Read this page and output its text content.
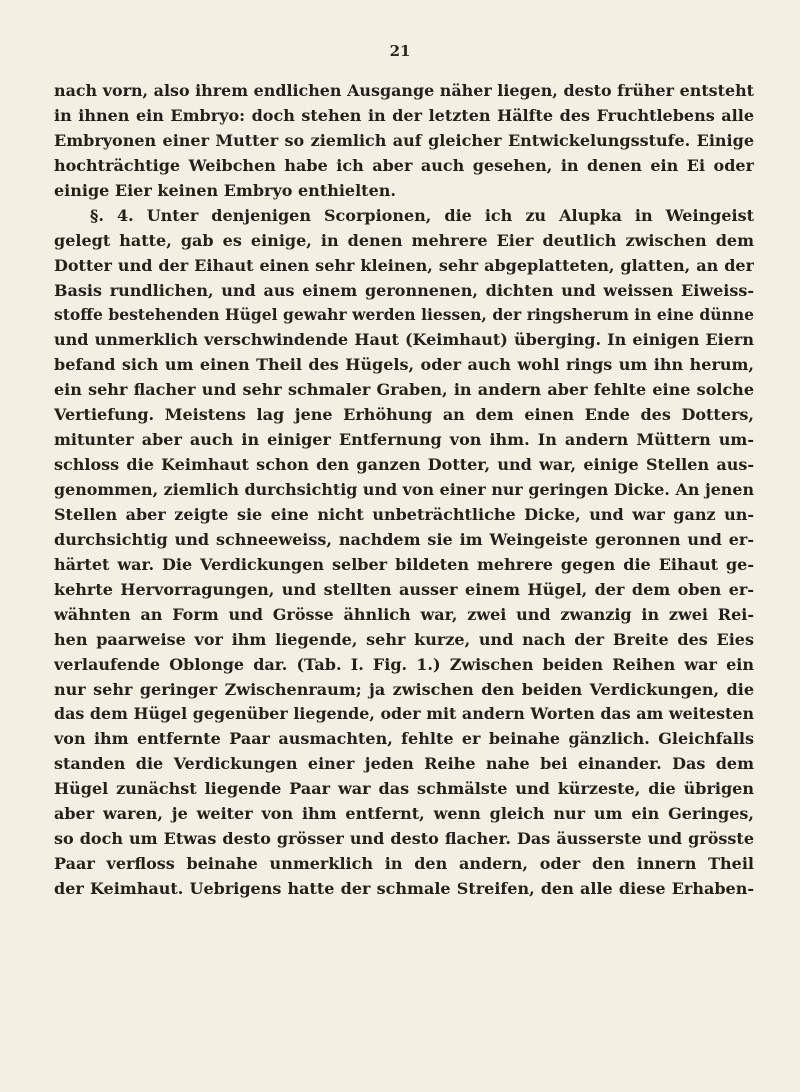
21
nach vorn, also ihrem endlichen Ausgange näher liegen, desto früher entsteht
in ihnen ein Embryo: doch stehen in der letzten Hälfte des Fruchtlebens alle
Embryonen einer Mutter so ziemlich auf gleicher Entwickelungsstufe. Einige
hochträchtige Weibchen habe ich aber auch gesehen, in denen ein Ei oder
einige Eier keinen Embryo enthielten.
§. 4. Unter denjenigen Scorpionen, die ich zu Alupka in Weingeist
gelegt hatte, gab es einige, in denen mehrere Eier deutlich zwischen dem
Dotter und der Eihaut einen sehr kleinen, sehr abgeplatteten, glatten, an der
Basis rundlichen, und aus einem geronnenen, dichten und weissen Eiweiss-
stoffe bestehenden Hügel gewahr werden liessen, der ringsherum in eine dünne
und unmerklich verschwindende Haut (Keimhaut) überging. In einigen Eiern
befand sich um einen Theil des Hügels, oder auch wohl rings um ihn herum,
ein sehr flacher und sehr schmaler Graben, in andern aber fehlte eine solche
Vertiefung. Meistens lag jene Erhöhung an dem einen Ende des Dotters,
mitunter aber auch in einiger Entfernung von ihm. In andern Müttern um-
schloss die Keimhaut schon den ganzen Dotter, und war, einige Stellen aus-
genommen, ziemlich durchsichtig und von einer nur geringen Dicke. An jenen
Stellen aber zeigte sie eine nicht unbeträchtliche Dicke, und war ganz un-
durchsichtig und schneeweiss, nachdem sie im Weingeiste geronnen und er-
härtet war. Die Verdickungen selber bildeten mehrere gegen die Eihaut ge-
kehrte Hervorragungen, und stellten ausser einem Hügel, der dem oben er-
wähnten an Form und Grösse ähnlich war, zwei und zwanzig in zwei Rei-
hen paarweise vor ihm liegende, sehr kurze, und nach der Breite des Eies
verlaufende Oblonge dar. (Tab. I. Fig. 1.) Zwischen beiden Reihen war ein
nur sehr geringer Zwischenraum; ja zwischen den beiden Verdickungen, die
das dem Hügel gegenüber liegende, oder mit andern Worten das am weitesten
von ihm entfernte Paar ausmachten, fehlte er beinahe gänzlich. Gleichfalls
standen die Verdickungen einer jeden Reihe nahe bei einander. Das dem
Hügel zunächst liegende Paar war das schmälste und kürzeste, die übrigen
aber waren, je weiter von ihm entfernt, wenn gleich nur um ein Geringes,
so doch um Etwas desto grösser und desto flacher. Das äusserste und grösste
Paar verfloss beinahe unmerklich in den andern, oder den innern Theil
der Keimhaut. Uebrigens hatte der schmale Streifen, den alle diese Erhaben-
